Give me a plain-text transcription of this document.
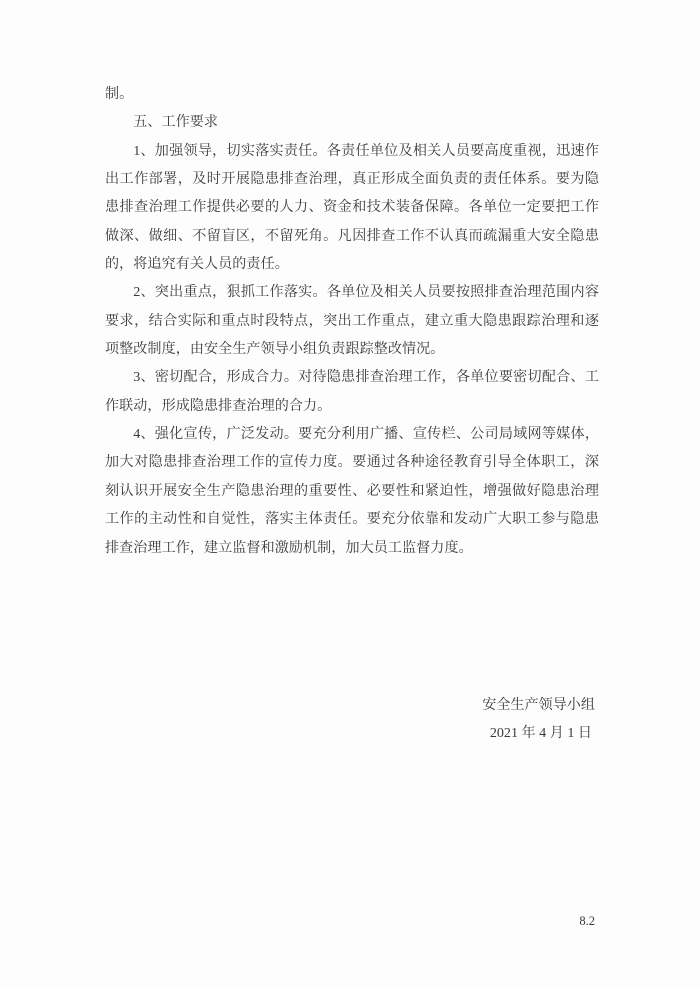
制。

五、工作要求

1、加强领导，切实落实责任。各责任单位及相关人员要高度重视，迅速作出工作部署，及时开展隐患排查治理，真正形成全面负责的责任体系。要为隐患排查治理工作提供必要的人力、资金和技术装备保障。各单位一定要把工作做深、做细、不留盲区，不留死角。凡因排查工作不认真而疏漏重大安全隐患的，将追究有关人员的责任。

2、突出重点，狠抓工作落实。各单位及相关人员要按照排查治理范围内容要求，结合实际和重点时段特点，突出工作重点，建立重大隐患跟踪治理和逐项整改制度，由安全生产领导小组负责跟踪整改情况。

3、密切配合，形成合力。对待隐患排查治理工作，各单位要密切配合、工作联动，形成隐患排查治理的合力。

4、强化宣传，广泛发动。要充分利用广播、宣传栏、公司局域网等媒体，加大对隐患排查治理工作的宣传力度。要通过各种途径教育引导全体职工，深刻认识开展安全生产隐患治理的重要性、必要性和紧迫性，增强做好隐患治理工作的主动性和自觉性，落实主体责任。要充分依靠和发动广大职工参与隐患排查治理工作，建立监督和激励机制，加大员工监督力度。

安全生产领导小组

2021 年 4 月 1 日

8.2
